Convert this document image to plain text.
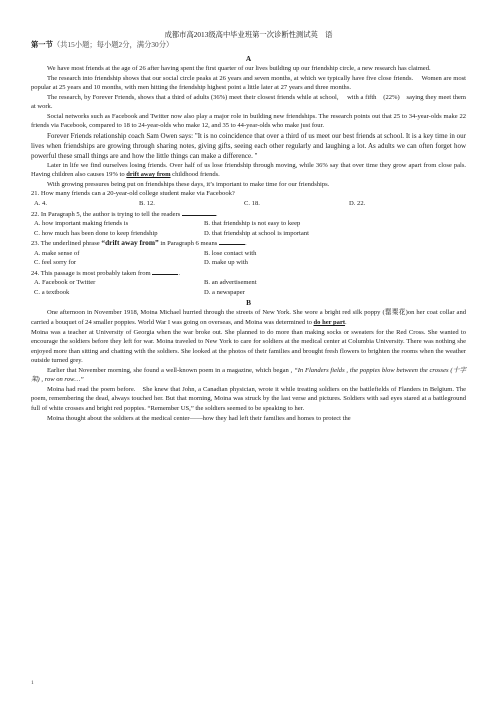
成都市高2013级高中毕业班第一次诊断性测试英　语

第一节（共15小题；每小题2分，满分30分）
A

We have most friends at the age of 26 after having spent the first quarter of our lives building up our friendship circle, a new research has claimed.

The research into friendship shows that our social circle peaks at 26 years and seven months, at which we typically have five close friends.　 Women are most popular at 25 years and 10 months, with men hitting the friendship highest point a little later at 27 years and three months.

The research, by Forever Friends, shows that a third of adults (36%) meet their closest friends while at school,　 with a fifth　(22%)　saying they meet them at work.

Social networks such as Facebook and Twitter now also play a major role in building new friendships. The research points out that 25 to 34-year-olds make 22 friends via Facebook, compared to 18 to 24-year-olds who make 12, and 35 to 44-year-olds who make just four.

Forever Friends relationship coach Sam Owen says: "It is no coincidence that over a third of us meet our best friends at school. It is a key time in our lives when friendships are growing through sharing notes, giving gifts, seeing each other regularly and laughing a lot. As adults we can often forget how powerful these small things are and how the little things can make a difference. "

Later in life we find ourselves losing friends. Over half of us lose friendship through moving, while 36% say that over time they grow apart from close pals.　Having children also causes 19% to drift away from childhood friends.

With growing pressures being put on friendships these days, it’s important to make time for our friendships.

21. How many friends can a 20-year-old college student make via Facebook?
A. 4.	B. 12.	C. 18.	D. 22.
22. In Paragraph 5, the author is trying to tell the readers	.
A. how important making friends is	B. that friendship is not easy to keep
C. how much has been done to keep friendship	D. that friendship at school is important
23. The underlined phrase “drift away from” in Paragraph 6 means	.
A. make sense of	B. lose contact with
C. feel sorry for	D. make up with
24. This passage is most probably taken from	.
A. Facebook or Twitter	B. an advertisement
C. a textbook	D. a newspaper
B

One afternoon in November 1918, Moina Michael hurried through the streets of New York. She wore a bright red silk poppy (罂粟花)on her coat collar and carried a bouquet of 24 smaller poppies. World War I was going on overseas, and Moina was determined to do her part.

Moina was a teacher at University of Georgia when the war broke out. She planned to do more than making socks or sweaters for the Red Cross. She wanted to encourage the soldiers before they left for war. Moina traveled to New York to care for soldiers at the medical center at Columbia University. There was nothing she enjoyed more than sitting and chatting with the soldiers. She looked at the photos of their families and brought fresh flowers to brighten the rooms when the weather outside turned grey.

Earlier that November morning, she found a well-known poem in a magazine, which began , “In Flanders fields , the poppies blow between the crosses (十字架) , row on row…”

Moina had read the poem before.　She knew that John, a Canadian physician, wrote it while treating soldiers on the battlefields of Flanders in Belgium. The poem, remembering the dead, always touched her. But that morning, Moina was struck by the last verse and pictures. Soldiers with sad eyes stared at a battleground full of white crosses and bright red poppies. “Remember US,” the soldiers seemed to be speaking to her.

Moina thought about the soldiers at the medical center——how they had left their families and homes to protect the

1
